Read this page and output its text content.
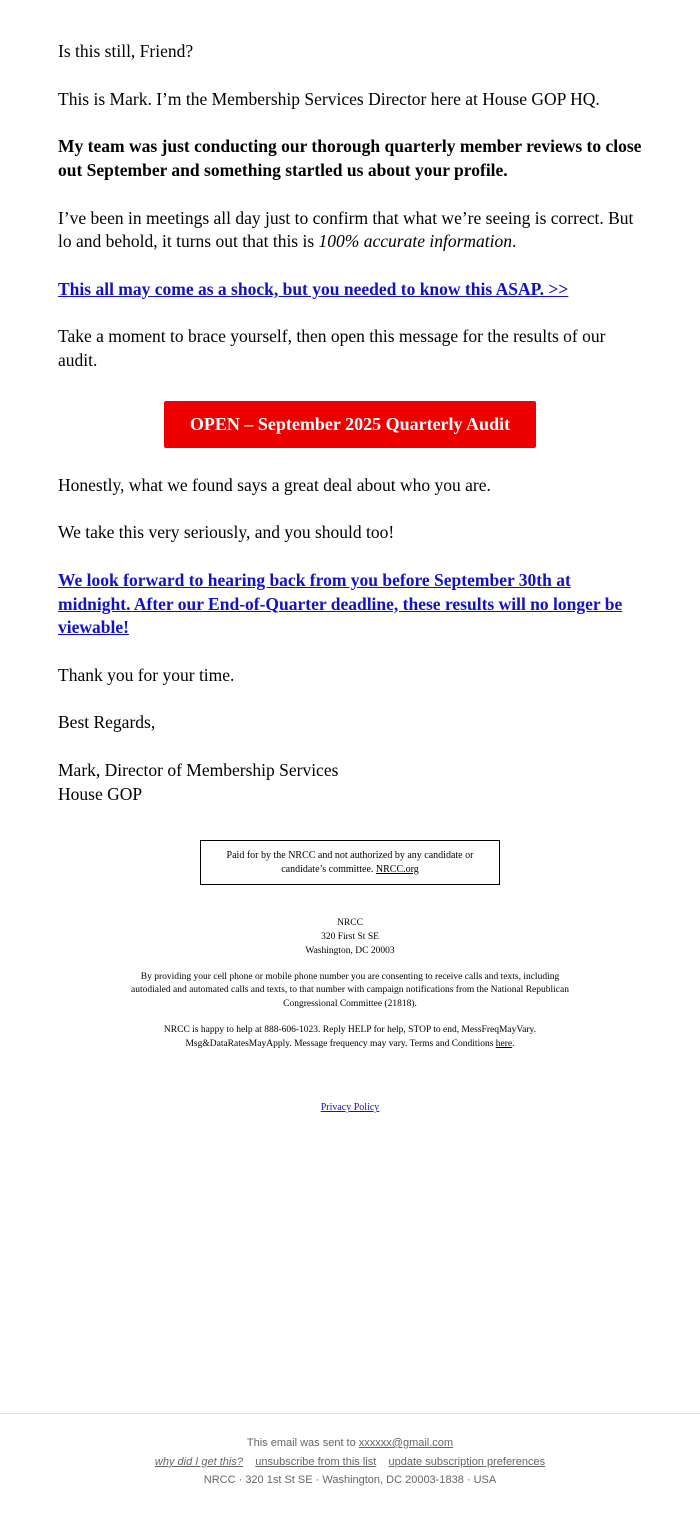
Is this still, Friend?

This is Mark. I’m the Membership Services Director here at House GOP HQ.

My team was just conducting our thorough quarterly member reviews to close out September and something startled us about your profile.

I’ve been in meetings all day just to confirm that what we’re seeing is correct. But lo and behold, it turns out that this is 100% accurate information.

This all may come as a shock, but you needed to know this ASAP. >>

Take a moment to brace yourself, then open this message for the results of our audit.

OPEN – September 2025 Quarterly Audit

Honestly, what we found says a great deal about who you are.

We take this very seriously, and you should too!

We look forward to hearing back from you before September 30th at midnight. After our End-of-Quarter deadline, these results will no longer be viewable!

Thank you for your time.

Best Regards,

Mark, Director of Membership Services
House GOP
Paid for by the NRCC and not authorized by any candidate or candidate’s committee. NRCC.org
NRCC
320 First St SE
Washington, DC 20003

By providing your cell phone or mobile phone number you are consenting to receive calls and texts, including autodialed and automated calls and texts, to that number with campaign notifications from the National Republican Congressional Committee (21818).

NRCC is happy to help at 888-606-1023. Reply HELP for help, STOP to end, MessFreqMayVary. Msg&DataRatesMayApply. Message frequency may vary. Terms and Conditions here.

Privacy Policy
This email was sent to xxxxxx@gmail.com
why did I get this? unsubscribe from this list update subscription preferences
NRCC · 320 1st St SE · Washington, DC 20003-1838 · USA
